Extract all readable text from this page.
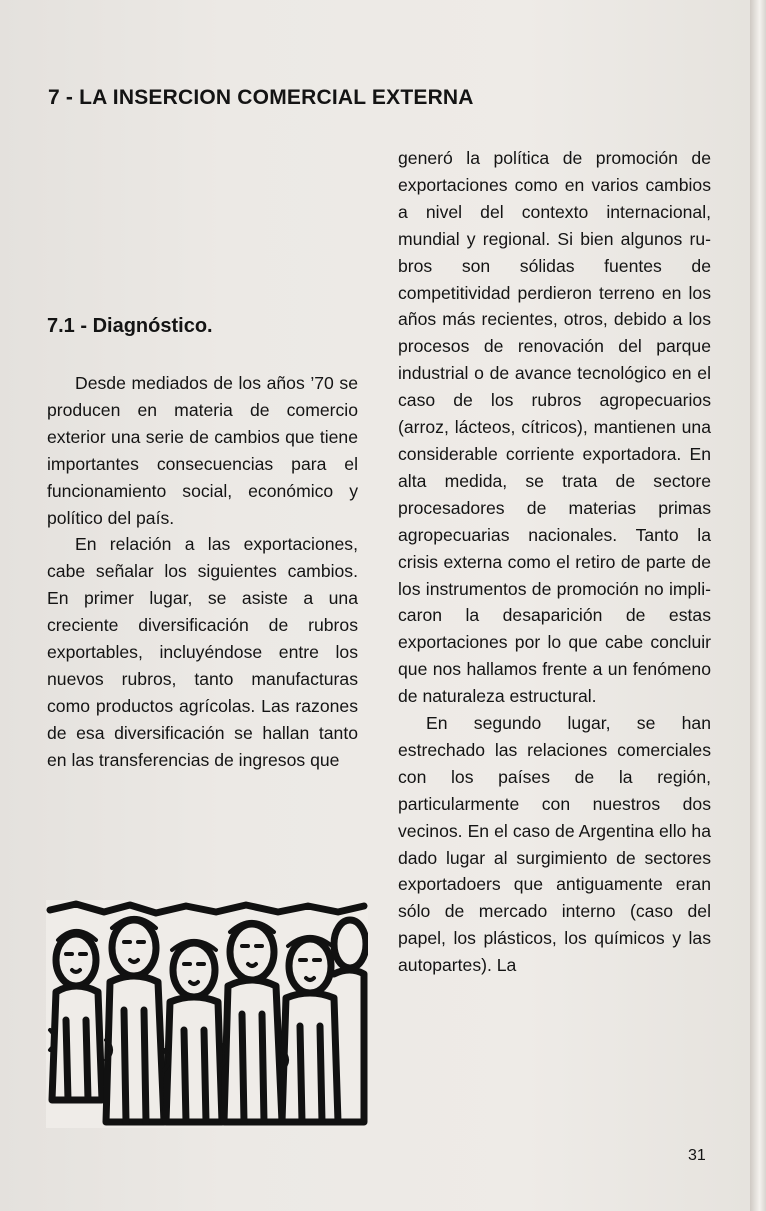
7 - LA INSERCION COMERCIAL EXTERNA
7.1 - Diagnóstico.

Desde mediados de los años ’70 se producen en materia de comercio exterior una serie de cambios que tiene importantes consecuencias para el funcionamiento social, económico y político del país.

En relación a las exportaciones, cabe señalar los siguientes cambios. En primer lugar, se asiste a una creciente diversificación de rubros exportables, incluyéndose entre los nuevos rubros, tanto manufacturas como productos agrícolas. Las razones de esa diversificación se hallan tanto en las transferencias de ingresos que

generó la política de promoción de exportaciones como en varios cambios a nivel del contexto internacional, mundial y regional. Si bien algunos rubros son sólidas fuentes de competitividad perdieron terreno en los años más recientes, otros, debido a los procesos de renovación del parque industrial o de avance tecnológico en el caso de los rubros agropecuarios (arroz, lácteos, cítricos), mantienen una considerable corriente exportadora. En alta medida, se trata de sectore procesadores de materias primas agropecuarias nacionales. Tanto la crisis externa como el retiro de parte de los instrumentos de promoción no implicaron la desaparición de estas exportaciones por lo que cabe concluir que nos hallamos frente a un fenómeno de naturaleza estructural.

En segundo lugar, se han estrechado las relaciones comerciales con los países de la región, particularmente con nuestros dos vecinos. En el caso de Argentina ello ha dado lugar al surgimiento de sectores exportadoers que antiguamente eran sólo de mercado interno (caso del papel, los plásticos, los químicos y las autopartes). La

31
